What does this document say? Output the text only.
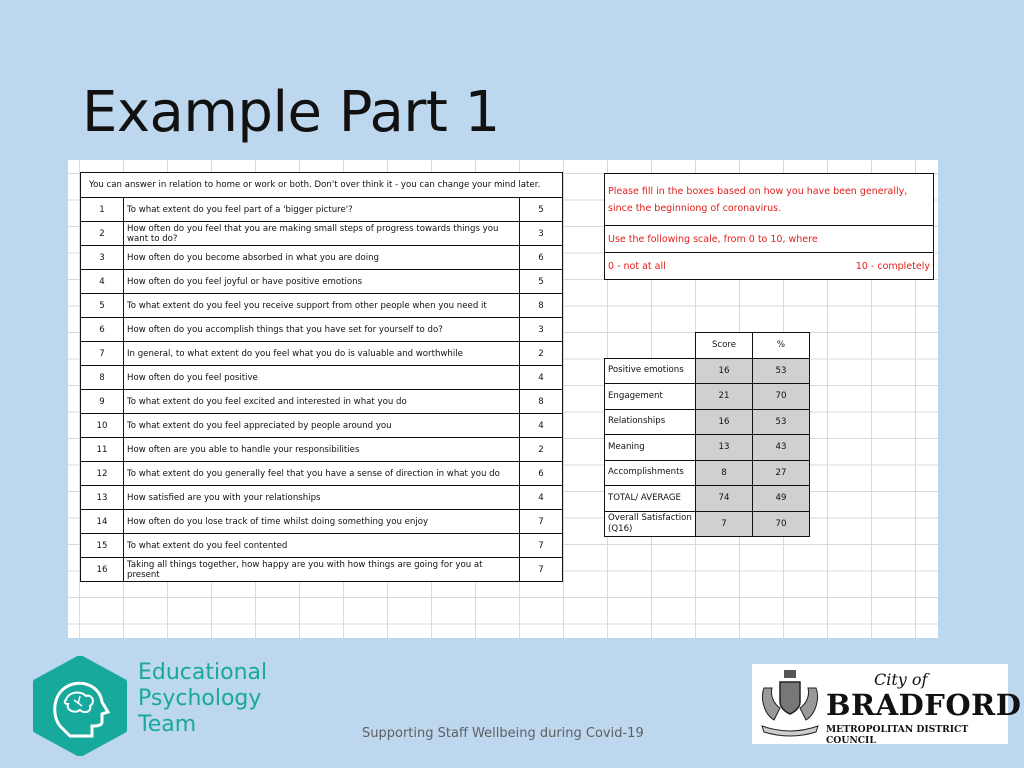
Example Part 1
You can answer in relation to home or work or both. Don't over think it - you can change your mind later.		
1	To what extent do you feel part of a 'bigger picture'?	5
2	How often do you feel that you are making small steps of progress towards things you want to do?	3
3	How often do you become absorbed in what you are doing	6
4	How often do you feel joyful or have positive emotions	5
5	To what extent do you feel you receive support from other people when you need it	8
6	How often do you accomplish things that you have set for yourself to do?	3
7	In general, to what extent do you feel what you do is valuable and worthwhile	2
8	How often do you feel positive	4
9	To what extent do you feel excited and interested in what you do	8
10	To what extent do you feel appreciated by people around you	4
11	How often are you able to handle your responsibilities	2
12	To what extent do you generally feel that you have a sense of direction in what you do	6
13	How satisfied are you with your relationships	4
14	How often do you lose track of time whilst doing something you enjoy	7
15	To what extent do you feel contented	7
16	Taking all things together, how happy are you with how things are going for you at present	7
Please fill in the boxes based on how you have been generally, since the beginniong of coronavirus.
Use the following scale, from 0 to 10, where
0 - not at all	10 - completely
	Score	%
Positive emotions	16	53
Engagement	21	70
Relationships	16	53
Meaning	13	43
Accomplishments	8	27
TOTAL/ AVERAGE	74	49
Overall Satisfaction (Q16)	7	70
Educational
Psychology
Team	Supporting Staff Wellbeing during Covid-19
City of
BRADFORD
METROPOLITAN DISTRICT COUNCIL
